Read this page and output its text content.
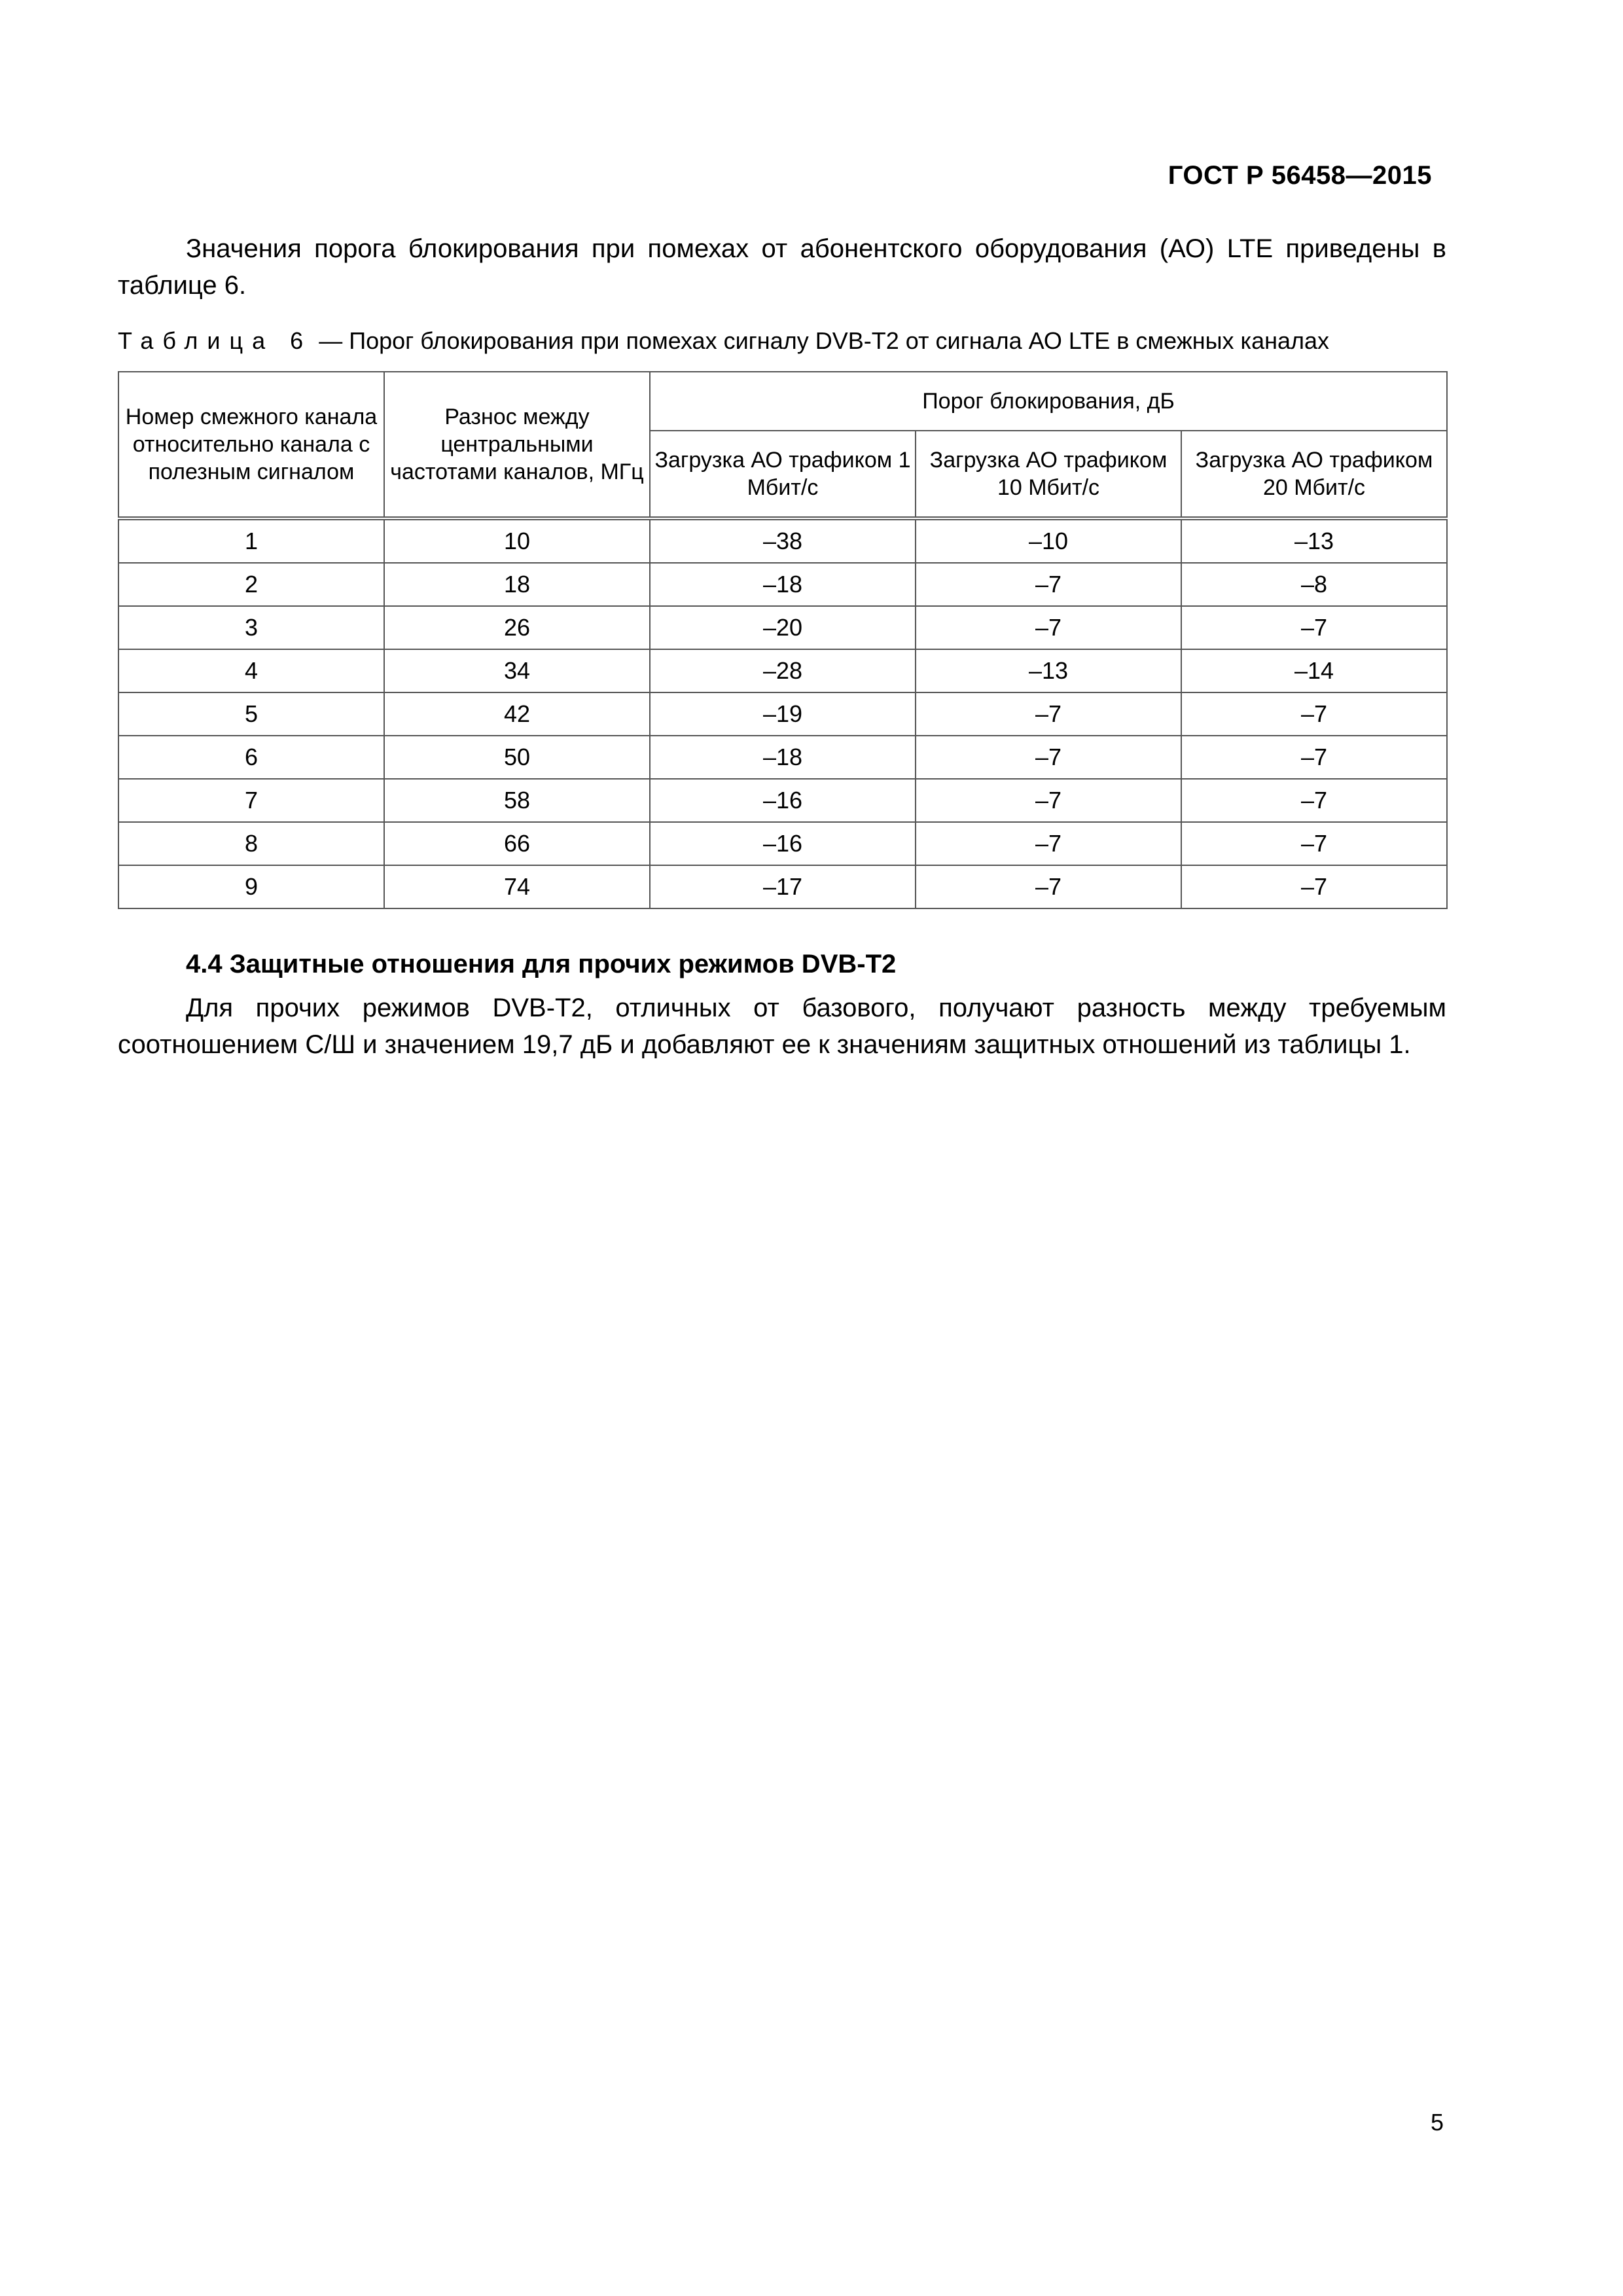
ГОСТ Р 56458—2015

Значения порога блокирования при помехах от абонентского оборудования (АО) LTE приведены в таблице 6.

Таблица 6 — Порог блокирования при помехах сигналу DVB-T2 от сигнала АО LTE в смежных каналах
Номер смежного канала относительно канала с полезным сигналом	Разнос между центральными частотами каналов, МГц	Порог блокирования, дБ		
		Загрузка АО трафиком 1 Мбит/с	Загрузка АО трафиком 10 Мбит/с	Загрузка АО трафиком 20 Мбит/с
1	10	–38	–10	–13
2	18	–18	–7	–8
3	26	–20	–7	–7
4	34	–28	–13	–14
5	42	–19	–7	–7
6	50	–18	–7	–7
7	58	–16	–7	–7
8	66	–16	–7	–7
9	74	–17	–7	–7
4.4 Защитные отношения для прочих режимов DVB-T2

Для прочих режимов DVB-T2, отличных от базового, получают разность между требуемым соотношением С/Ш и значением 19,7 дБ и добавляют ее к значениям защитных отношений из таблицы 1.

5
